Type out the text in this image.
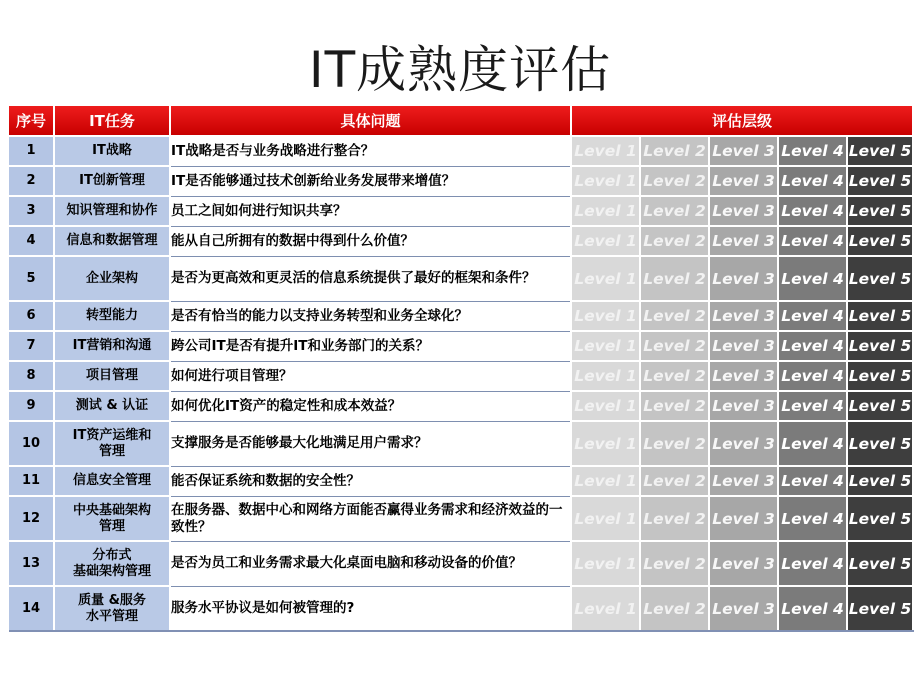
IT成熟度评估
序号	IT任务	具体问题	评估层级				
1	IT战略	IT战略是否与业务战略进行整合？	Level 1	Level 2	Level 3	Level 4	Level 5
2	IT创新管理	IT是否能够通过技术创新给业务发展带来增值？	Level 1	Level 2	Level 3	Level 4	Level 5
3	知识管理和协作	员工之间如何进行知识共享？	Level 1	Level 2	Level 3	Level 4	Level 5
4	信息和数据管理	能从自己所拥有的数据中得到什么价值？	Level 1	Level 2	Level 3	Level 4	Level 5
5	企业架构	是否为更高效和更灵活的信息系统提供了最好的框架和条件？	Level 1	Level 2	Level 3	Level 4	Level 5
6	转型能力	是否有恰当的能力以支持业务转型和业务全球化？	Level 1	Level 2	Level 3	Level 4	Level 5
7	IT营销和沟通	跨公司IT是否有提升IT和业务部门的关系？	Level 1	Level 2	Level 3	Level 4	Level 5
8	项目管理	如何进行项目管理？	Level 1	Level 2	Level 3	Level 4	Level 5
9	测试 & 认证	如何优化IT资产的稳定性和成本效益？	Level 1	Level 2	Level 3	Level 4	Level 5
10	IT资产运维和
管理	支撑服务是否能够最大化地满足用户需求？	Level 1	Level 2	Level 3	Level 4	Level 5
11	信息安全管理	能否保证系统和数据的安全性？	Level 1	Level 2	Level 3	Level 4	Level 5
12	中央基础架构
管理	在服务器、数据中心和网络方面能否赢得业务需求和经济效益的一致性？	Level 1	Level 2	Level 3	Level 4	Level 5
13	分布式
基础架构管理	是否为员工和业务需求最大化桌面电脑和移动设备的价值？	Level 1	Level 2	Level 3	Level 4	Level 5
14	质量 &服务
水平管理	服务水平协议是如何被管理的?	Level 1	Level 2	Level 3	Level 4	Level 5
